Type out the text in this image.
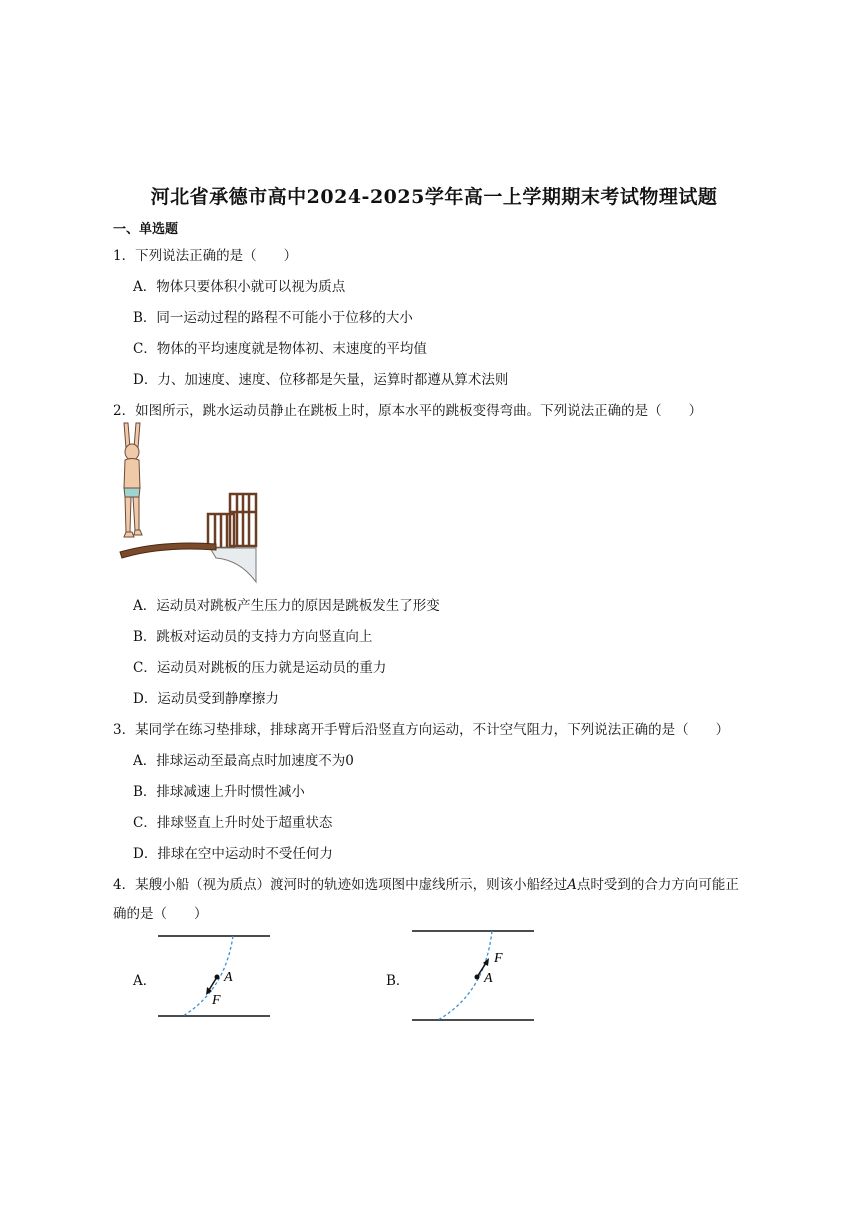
河北省承德市高中2024-2025学年高一上学期期末考试物理试题
一、单选题
1．下列说法正确的是（　　）
A．物体只要体积小就可以视为质点
B．同一运动过程的路程不可能小于位移的大小
C．物体的平均速度就是物体初、末速度的平均值
D．力、加速度、速度、位移都是矢量，运算时都遵从算术法则
2．如图所示，跳水运动员静止在跳板上时，原本水平的跳板变得弯曲。下列说法正确的是（　　）
A．运动员对跳板产生压力的原因是跳板发生了形变
B．跳板对运动员的支持力方向竖直向上
C．运动员对跳板的压力就是运动员的重力
D．运动员受到静摩擦力
3．某同学在练习垫排球，排球离开手臂后沿竖直方向运动，不计空气阻力，下列说法正确的是（　　）
A．排球运动至最高点时加速度不为0
B．排球减速上升时惯性减小
C．排球竖直上升时处于超重状态
D．排球在空中运动时不受任何力
4．某艘小船（视为质点）渡河时的轨迹如选项图中虚线所示，则该小船经过A点时受到的合力方向可能正
确的是（　　）
A．	A
F
B．
F
A
